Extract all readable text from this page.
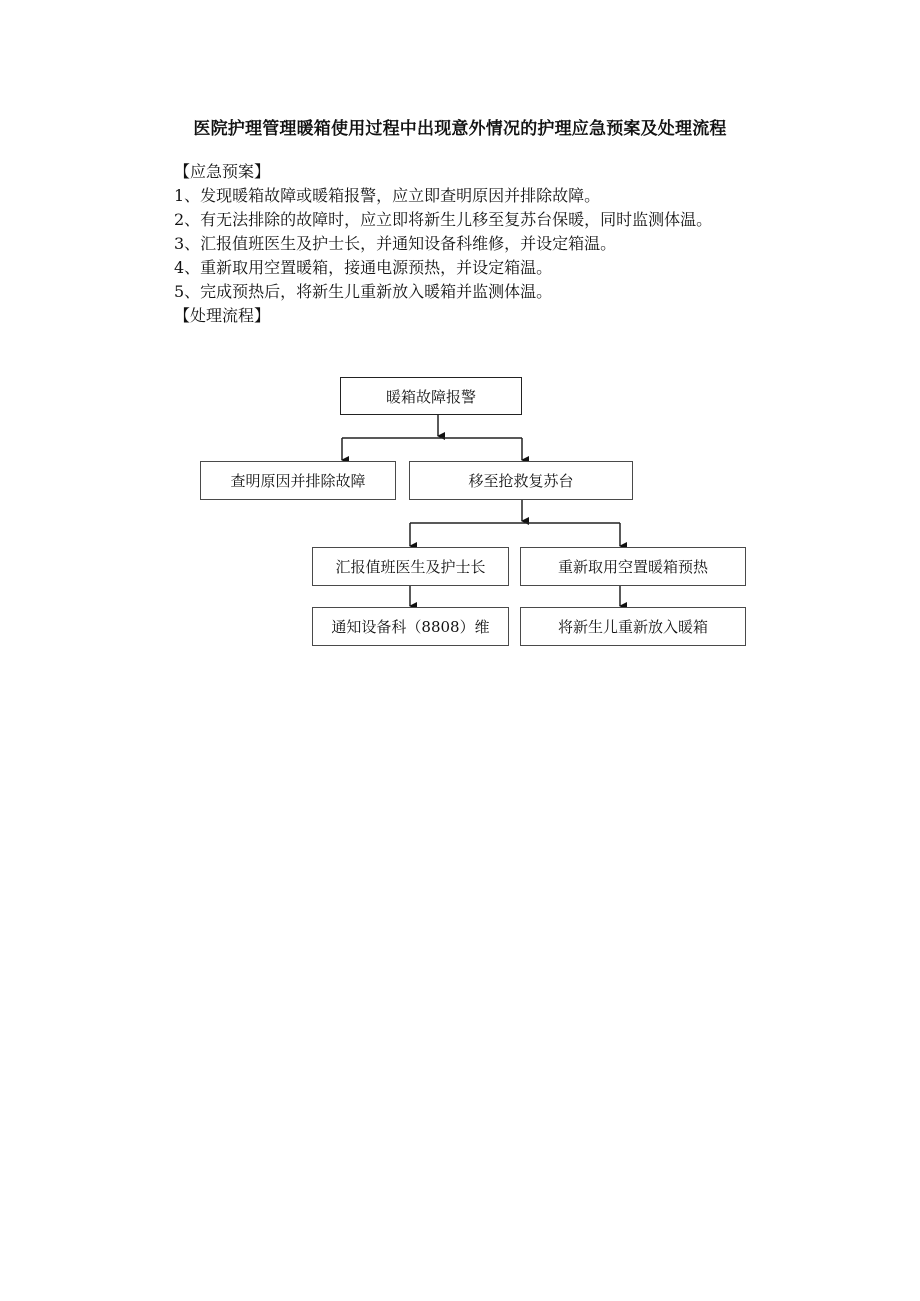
医院护理管理暖箱使用过程中出现意外情况的护理应急预案及处理流程

【应急预案】

1、发现暖箱故障或暖箱报警，应立即查明原因并排除故障。

2、有无法排除的故障时，应立即将新生儿移至复苏台保暖，同时监测体温。

3、汇报值班医生及护士长，并通知设备科维修，并设定箱温。

4、重新取用空置暖箱，接通电源预热，并设定箱温。

5、完成预热后，将新生儿重新放入暖箱并监测体温。

【处理流程】

暖箱故障报警
查明原因并排除故障	移至抢救复苏台
汇报值班医生及护士长	重新取用空置暖箱预热
通知设备科（8808）维	将新生儿重新放入暖箱
